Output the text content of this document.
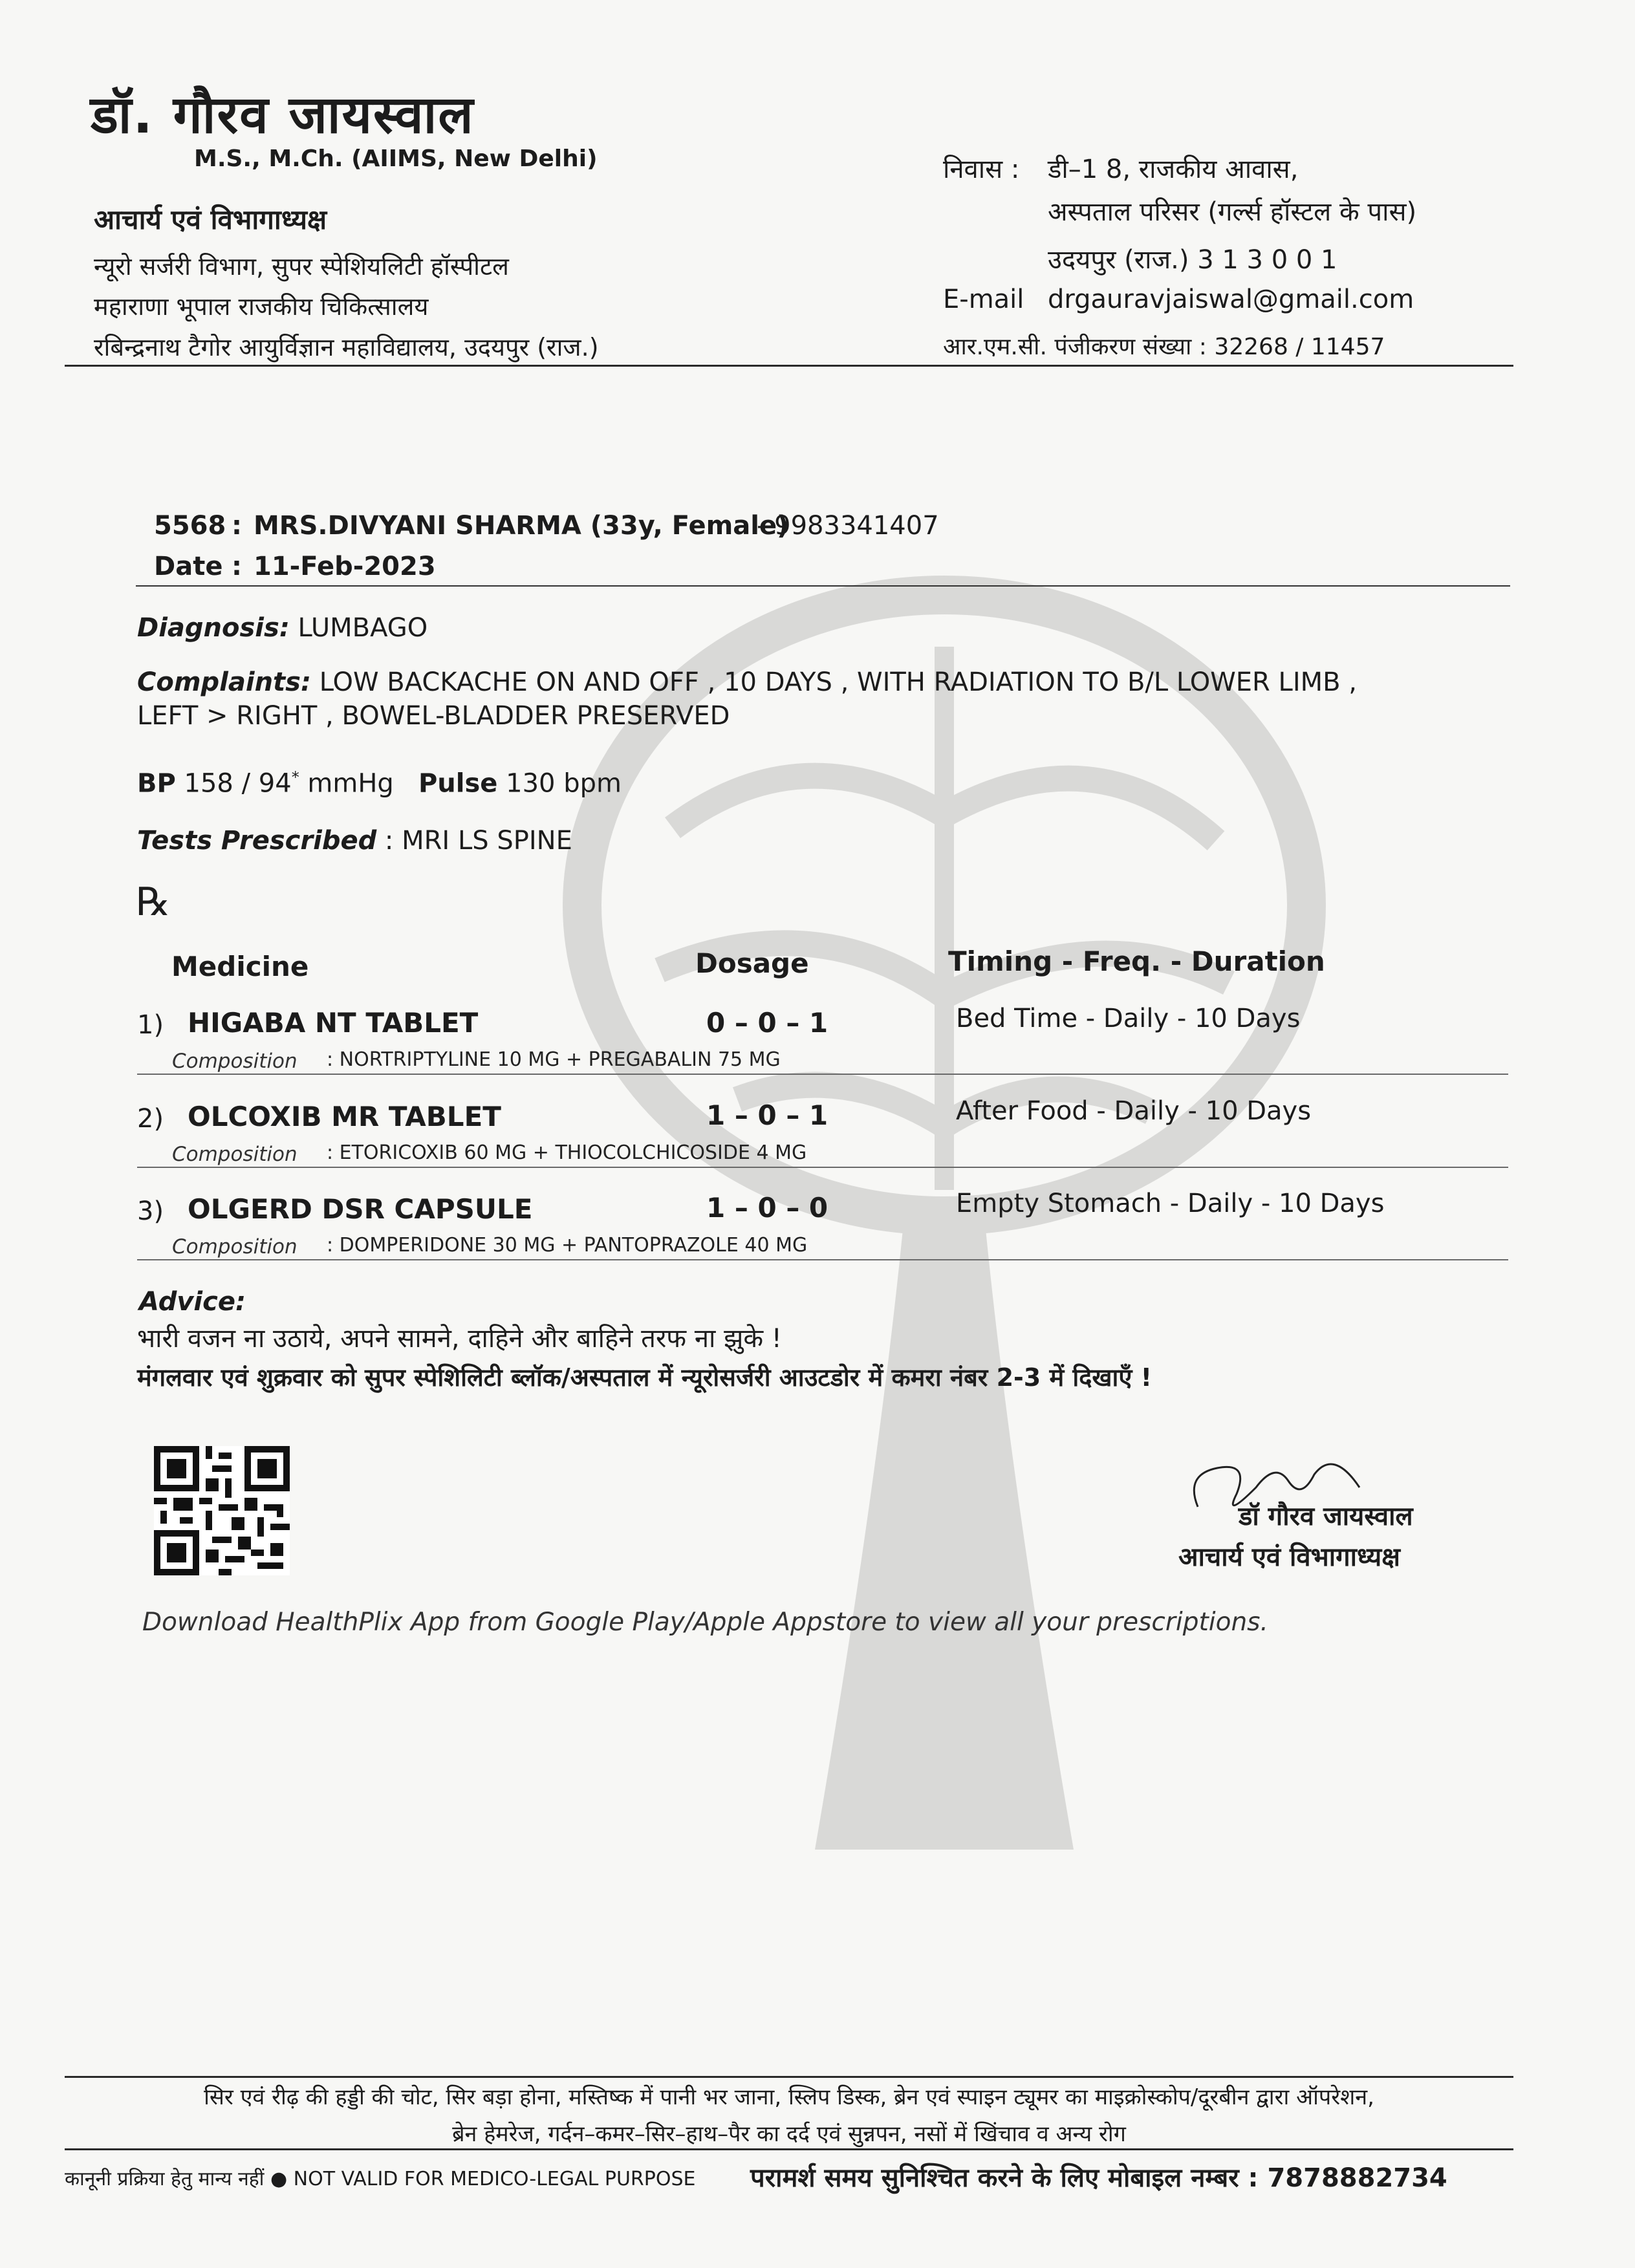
डॉ. गौरव जायस्वाल
M.S., M.Ch. (AIIMS, New Delhi)
आचार्य एवं विभागाध्यक्ष
न्यूरो सर्जरी विभाग, सुपर स्पेशियलिटी हॉस्पीटल
महाराणा भूपाल राजकीय चिकित्सालय
रबिन्द्रनाथ टैगोर आयुर्विज्ञान महाविद्यालय, उदयपुर (राज.)
निवास : डी–1 8, राजकीय आवास,
अस्पताल परिसर (गर्ल्स हॉस्टल के पास)
उदयपुर (राज.) 3 1 3 0 0 1
E-mail drgauravjaiswal@gmail.com
आर.एम.सी. पंजीकरण संख्या : 32268 / 11457
5568 : MRS.DIVYANI SHARMA (33y, Female)
- 9983341407
Date : 11-Feb-2023
Diagnosis: LUMBAGO
Complaints: LOW BACKACHE ON AND OFF , 10 DAYS , WITH RADIATION TO B/L LOWER LIMB ,
LEFT > RIGHT , BOWEL-BLADDER PRESERVED
BP 158 / 94* mmHg Pulse 130 bpm
Tests Prescribed : MRI LS SPINE
℞
Medicine	Dosage	Timing - Freq. - Duration
1) HIGABA NT TABLET	0 – 0 – 1	Bed Time - Daily - 10 Days
Composition : NORTRIPTYLINE 10 MG + PREGABALIN 75 MG
2) OLCOXIB MR TABLET	1 – 0 – 1	After Food - Daily - 10 Days
Composition : ETORICOXIB 60 MG + THIOCOLCHICOSIDE 4 MG
3) OLGERD DSR CAPSULE	1 – 0 – 0	Empty Stomach - Daily - 10 Days
Composition : DOMPERIDONE 30 MG + PANTOPRAZOLE 40 MG
Advice:
भारी वजन ना उठाये, अपने सामने, दाहिने और बाहिने तरफ ना झुके !
मंगलवार एवं शुक्रवार को सुपर स्पेशिलिटी ब्लॉक/अस्पताल में न्यूरोसर्जरी आउटडोर में कमरा नंबर 2-3 में दिखाएँ !
डॉ गौरव जायस्वाल
आचार्य एवं विभागाध्यक्ष
Download HealthPlix App from Google Play/Apple Appstore to view all your prescriptions.
सिर एवं रीढ़ की हड्डी की चोट, सिर बड़ा होना, मस्तिष्क में पानी भर जाना, स्लिप डिस्क, ब्रेन एवं स्पाइन ट्यूमर का माइक्रोस्कोप/दूरबीन द्वारा ऑपरेशन,
ब्रेन हेमरेज, गर्दन–कमर–सिर–हाथ–पैर का दर्द एवं सुन्नपन, नसों में खिंचाव व अन्य रोग
कानूनी प्रक्रिया हेतु मान्य नहीं ● NOT VALID FOR MEDICO-LEGAL PURPOSE परामर्श समय सुनिश्चित करने के लिए मोबाइल नम्बर : 7878882734
